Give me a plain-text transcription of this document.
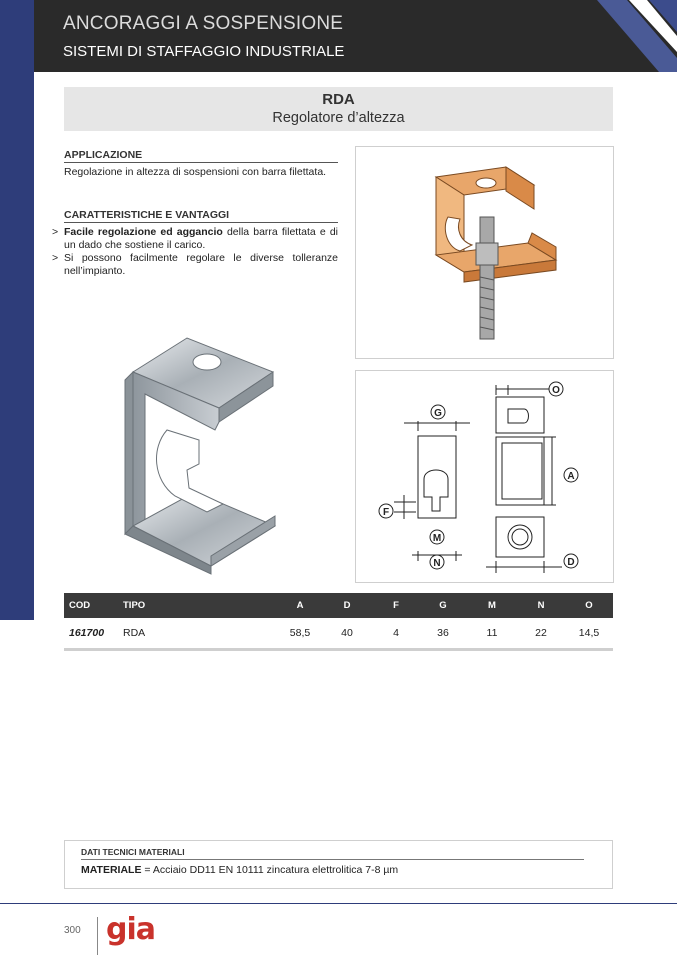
ANCORAGGI A SOSPENSIONE
SISTEMI DI STAFFAGGIO INDUSTRIALE
RDA
Regolatore d’altezza
APPLICAZIONE
Regolazione in altezza di sospensioni con barra filettata.
CARATTERISTICHE E VANTAGGI
> Facile regolazione ed aggancio della barra filettata e di un dado che sostiene il carico.
> Si possono facilmente regolare le diverse tolleranze nell’impianto.
G
O
A
F
M
N	D
COD	TIPO	A	D	F	G	M	N	O
161700 RDA	58,5	40	4	36	11	22	14,5
DATI TECNICI MATERIALI
MATERIALE = Acciaio DD11 EN 10111 zincatura elettrolitica 7-8 µm
300 gia
